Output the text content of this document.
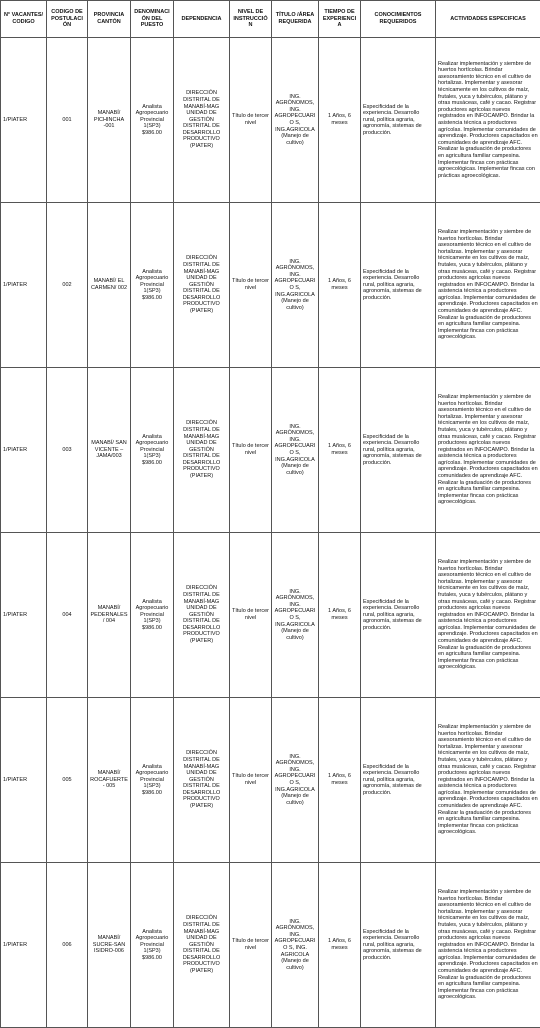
N° VACANTES/ CODIGO	CODIGO DE POSTULACIÓN	PROVINCIA CANTÓN	DENOMINACI ÓN DEL PUESTO	DEPENDENCIA	NIVEL DE INSTRUCCIÓN	TÍTULO /ÁREA REQUERIDA	TIEMPO DE EXPERIENCIA	CONOCIMIENTOS REQUERIDOS	ACTIVIDADES ESPECIFICAS
1/PIATER	001	MANABÍ/ PICHINCHA -001	Analista Agropecuario Provincial 1(SP3) $986.00	DIRECCIÓN DISTRITAL DE MANABÍ-MAG UNIDAD DE GESTIÓN DISTRITAL DE DESARROLLO PRODUCTIVO (PIATER)	Título de tercer nivel	ING. AGRÓNOMOS, ING. AGROPECUARIO S, ING.AGRICOLA (Manejo de cultivo)	1 Años, 6 meses	Especificidad de la experiencia. Desarrollo rural, política agraria, agronomía, sistemas de producción.	Realizar implementación y siembre de huertos hortícolas. Brindar asesoramiento técnico en el cultivo de hortalizas. Implementar y asesorar técnicamente en los cultivos de maíz, frutales, yuca y tubérculos, plátano y otras musáceas, café y cacao. Registrar productores agrícolas nuevos registrados en INFOCAMPO. Brindar la asistencia técnica a productores agrícolas. Implementar comunidades de aprendizaje. Productores capacitados en comunidades de aprendizaje AFC. Realizar la graduación de productores en agricultura familiar campesina. Implementar fincas con prácticas agroecológicas. Implementar fincas con prácticas agroecológicas.
1/PIATER	002	MANABÍ/ EL CARMEN/ 002	Analista Agropecuario Provincial 1(SP3) $986.00	DIRECCIÓN DISTRITAL DE MANABÍ-MAG UNIDAD DE GESTIÓN DISTRITAL DE DESARROLLO PRODUCTIVO (PIATER)	Título de tercer nivel	ING. AGRÓNOMOS, ING. AGROPECUARIO S, ING.AGRICOLA (Manejo de cultivo)	1 Años, 6 meses	Especificidad de la experiencia. Desarrollo rural, política agraria, agronomía, sistemas de producción.	Realizar implementación y siembre de huertos hortícolas. Brindar asesoramiento técnico en el cultivo de hortalizas. Implementar y asesorar técnicamente en los cultivos de maíz, frutales, yuca y tubérculos, plátano y otras musáceas, café y cacao. Registrar productores agrícolas nuevos registrados en INFOCAMPO. Brindar la asistencia técnica a productores agrícolas. Implementar comunidades de aprendizaje. Productores capacitados en comunidades de aprendizaje AFC. Realizar la graduación de productores en agricultura familiar campesina. Implementar fincas con prácticas agroecológicas.
1/PIATER	003	MANABÍ/ SAN VICENTE – JAMA/003	Analista Agropecuario Provincial 1(SP3) $986.00	DIRECCIÓN DISTRITAL DE MANABÍ-MAG UNIDAD DE GESTIÓN DISTRITAL DE DESARROLLO PRODUCTIVO (PIATER)	Título de tercer nivel	ING. AGRÓNOMOS, ING. AGROPECUARIO S, ING.AGRICOLA (Manejo de cultivo)	1 Años, 6 meses	Especificidad de la experiencia. Desarrollo rural, política agraria, agronomía, sistemas de producción.	Realizar implementación y siembre de huertos hortícolas. Brindar asesoramiento técnico en el cultivo de hortalizas. Implementar y asesorar técnicamente en los cultivos de maíz, frutales, yuca y tubérculos, plátano y otras musáceas, café y cacao. Registrar productores agrícolas nuevos registrados en INFOCAMPO. Brindar la asistencia técnica a productores agrícolas. Implementar comunidades de aprendizaje. Productores capacitados en comunidades de aprendizaje AFC. Realizar la graduación de productores en agricultura familiar campesina. Implementar fincas con prácticas agroecológicas.
1/PIATER	004	MANABÍ/ PEDERNALES/ 004	Analista Agropecuario Provincial 1(SP3) $986.00	DIRECCIÓN DISTRITAL DE MANABÍ-MAG UNIDAD DE GESTIÓN DISTRITAL DE DESARROLLO PRODUCTIVO (PIATER)	Título de tercer nivel	ING. AGRÓNOMOS, ING. AGROPECUARIO S, ING.AGRICOLA (Manejo de cultivo)	1 Años, 6 meses	Especificidad de la experiencia. Desarrollo rural, política agraria, agronomía, sistemas de producción.	Realizar implementación y siembre de huertos hortícolas. Brindar asesoramiento técnico en el cultivo de hortalizas. Implementar y asesorar técnicamente en los cultivos de maíz, frutales, yuca y tubérculos, plátano y otras musáceas, café y cacao. Registrar productores agrícolas nuevos registrados en INFOCAMPO. Brindar la asistencia técnica a productores agrícolas. Implementar comunidades de aprendizaje. Productores capacitados en comunidades de aprendizaje AFC. Realizar la graduación de productores en agricultura familiar campesina. Implementar fincas con prácticas agroecológicas.
1/PIATER	005	MANABÍ/ ROCAFUERTE- 005	Analista Agropecuario Provincial 1(SP3) $986.00	DIRECCIÓN DISTRITAL DE MANABÍ-MAG UNIDAD DE GESTIÓN DISTRITAL DE DESARROLLO PRODUCTIVO (PIATER)	Título de tercer nivel	ING. AGRÓNOMOS, ING. AGROPECUARIO S, ING.AGRICOLA (Manejo de cultivo)	1 Años, 6 meses	Especificidad de la experiencia. Desarrollo rural, política agraria, agronomía, sistemas de producción.	Realizar implementación y siembre de huertos hortícolas. Brindar asesoramiento técnico en el cultivo de hortalizas. Implementar y asesorar técnicamente en los cultivos de maíz, frutales, yuca y tubérculos, plátano y otras musáceas, café y cacao. Registrar productores agrícolas nuevos registrados en INFOCAMPO. Brindar la asistencia técnica a productores agrícolas. Implementar comunidades de aprendizaje. Productores capacitados en comunidades de aprendizaje AFC. Realizar la graduación de productores en agricultura familiar campesina. Implementar fincas con prácticas agroecológicas.
1/PIATER	006	MANABÍ/ SUCRE-SAN ISIDRO-006	Analista Agropecuario Provincial 1(SP3) $986.00	DIRECCIÓN DISTRITAL DE MANABÍ-MAG UNIDAD DE GESTIÓN DISTRITAL DE DESARROLLO PRODUCTIVO (PIATER)	Título de tercer nivel	ING. AGRÓNOMOS, ING. AGROPECUARIO S, ING. AGRICOLA (Manejo de cultivo)	1 Años, 6 meses	Especificidad de la experiencia. Desarrollo rural, política agraria, agronomía, sistemas de producción.	Realizar implementación y siembre de huertos hortícolas. Brindar asesoramiento técnico en el cultivo de hortalizas. Implementar y asesorar técnicamente en los cultivos de maíz, frutales, yuca y tubérculos, plátano y otras musáceas, café y cacao. Registrar productores agrícolas nuevos registrados en INFOCAMPO. Brindar la asistencia técnica a productores agrícolas. Implementar comunidades de aprendizaje. Productores capacitados en comunidades de aprendizaje AFC. Realizar la graduación de productores en agricultura familiar campesina. Implementar fincas con prácticas agroecológicas.
